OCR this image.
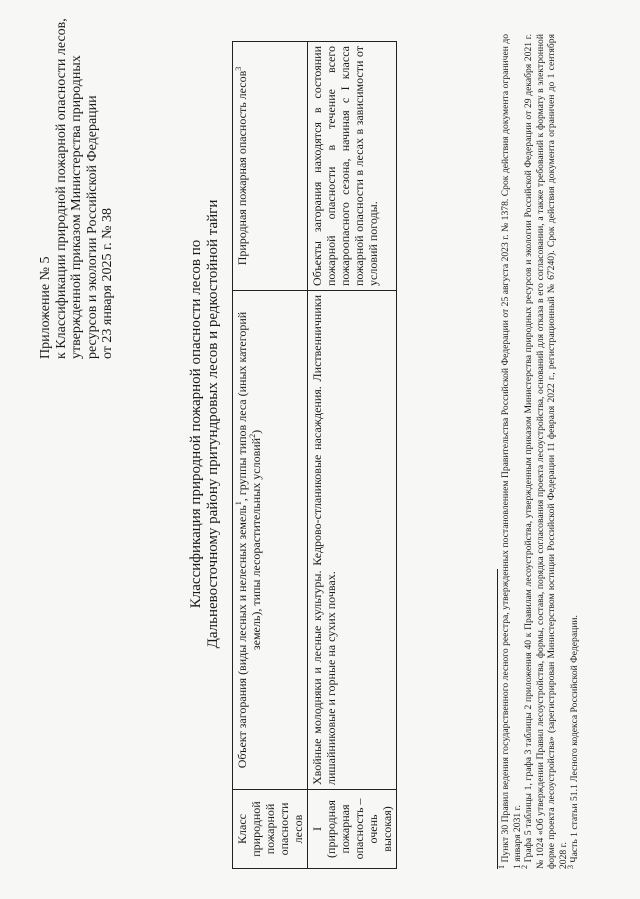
Приложение № 5 к Классификации природной пожарной опасности лесов, утвержденной приказом Министерства природных ресурсов и экологии Российской Федерации от 23 января 2025 г. № 38	Классификация природной пожарной опасности лесов по Дальневосточному району притундровых лесов и редкостойной тайги
Класс природной пожарной опасности лесов	Объект загорания (виды лесных и нелесных земель$^1$, группы типов леса (иных категорий земель), типы лесорастительных условий$^2$)	Природная пожарная опасность лесов$^3$

I (природная пожарная опасность – очень высокая)	Хвойные молодняки и лесные культуры. Кедрово-стланиковые насаждения. Лиственничники лишайниковые и горные на сухих почвах.	Объекты загорания находятся в состоянии пожарной опасности в течение всего пожароопасного сезона, начиная с I класса пожарной опасности в лесах в зависимости от условий погоды.

$^1$ Пункт 30 Правил ведения государственного лесного реестра, утвержденных постановлением Правительства Российской Федерации от 25 августа 2023 г. № 1378. Срок действия документа ограничен до 1 января 2031 г.

$^2$ Графа 5 таблицы 1, графа 3 таблицы 2 приложения 40 к Правилам лесоустройства, утвержденным приказом Министерства природных ресурсов и экологии Российской Федерации от 29 декабря 2021 г. № 1024 «Об утверждении Правил лесоустройства, формы, состава, порядка согласования проекта лесоустройства, оснований для отказа в его согласовании, а также требований к формату в электронной форме проекта лесоустройства» (зарегистрирован Министерством юстиции Российской Федерации 11 февраля 2022 г., регистрационный № 67240). Срок действия документа ограничен до 1 сентября 2028 г.

$^3$ Часть 1 статьи 51.1 Лесного кодекса Российской Федерации.
